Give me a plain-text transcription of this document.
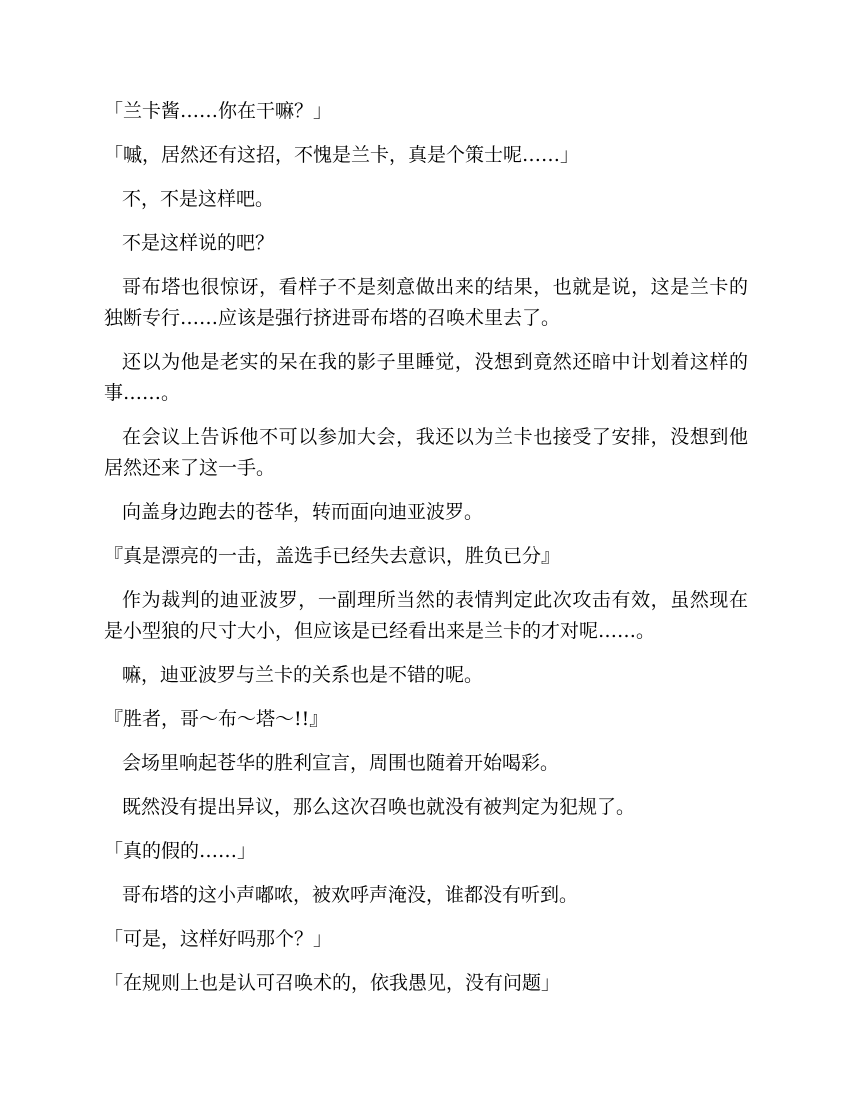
「兰卡酱……你在干嘛？」

「嘁，居然还有这招，不愧是兰卡，真是个策士呢……」

不，不是这样吧。

不是这样说的吧？

哥布塔也很惊讶，看样子不是刻意做出来的结果，也就是说，这是兰卡的独断专行……应该是强行挤进哥布塔的召唤术里去了。

还以为他是老实的呆在我的影子里睡觉，没想到竟然还暗中计划着这样的事……。

在会议上告诉他不可以参加大会，我还以为兰卡也接受了安排，没想到他居然还来了这一手。

向盖身边跑去的苍华，转而面向迪亚波罗。

『真是漂亮的一击，盖选手已经失去意识，胜负已分』

作为裁判的迪亚波罗，一副理所当然的表情判定此次攻击有效，虽然现在是小型狼的尺寸大小，但应该是已经看出来是兰卡的才对呢……。

嘛，迪亚波罗与兰卡的关系也是不错的呢。

『胜者，哥～布～塔～!!』

会场里响起苍华的胜利宣言，周围也随着开始喝彩。

既然没有提出异议，那么这次召唤也就没有被判定为犯规了。

「真的假的……」

哥布塔的这小声嘟哝，被欢呼声淹没，谁都没有听到。

「可是，这样好吗那个？」

「在规则上也是认可召唤术的，依我愚见，没有问题」
